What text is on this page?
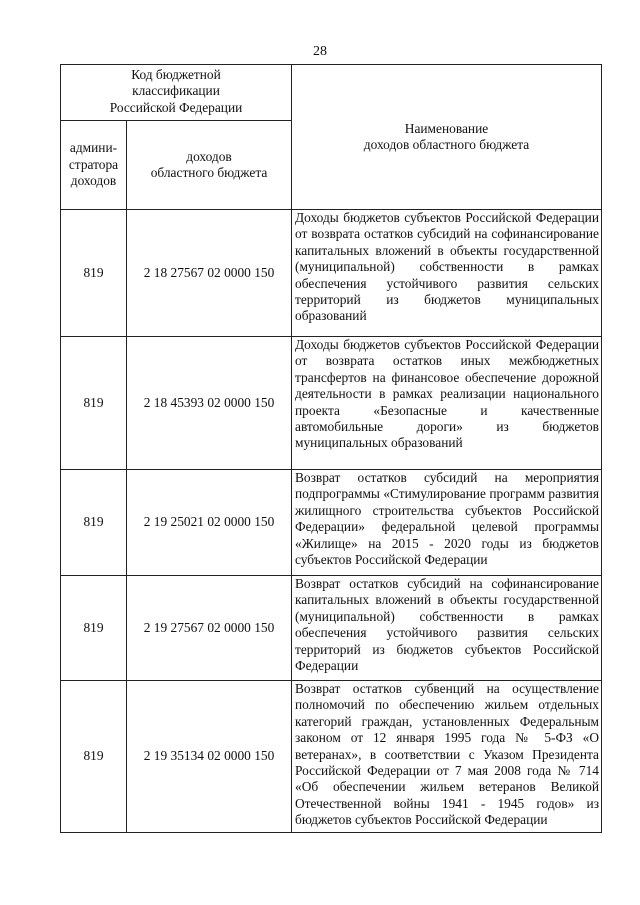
28
Код бюджетной
классификации
Российской Федерации		Наименование
доходов областного бюджета

админи-
стратора
доходов	доходов
областного бюджета	

819	2 18 27567 02 0000 150	Доходы бюджетов субъектов Российской Федерации от возврата остатков субсидий на софинансирование капитальных вложений в объекты государственной (муниципальной) собственности в рамках обеспечения устойчивого развития сельских территорий из бюджетов муниципальных образований

819	2 18 45393 02 0000 150	Доходы бюджетов субъектов Российской Федерации от возврата остатков иных межбюджетных трансфертов на финансовое обеспечение дорожной деятельности в рамках реализации национального проекта «Безопасные и качественные автомобильные дороги» из бюджетов муниципальных образований

819	2 19 25021 02 0000 150	Возврат остатков субсидий на мероприятия подпрограммы «Стимулирование программ развития жилищного строительства субъектов Российской Федерации» федеральной целевой программы «Жилище» на 2015 - 2020 годы из бюджетов субъектов Российской Федерации

819	2 19 27567 02 0000 150	Возврат остатков субсидий на софинансирование капитальных вложений в объекты государственной (муниципальной) собственности в рамках обеспечения устойчивого развития сельских территорий из бюджетов субъектов Российской Федерации

819	2 19 35134 02 0000 150	Возврат остатков субвенций на осуществление полномочий по обеспечению жильем отдельных категорий граждан, установленных Федеральным законом от 12 января 1995 года № 5-ФЗ «О ветеранах», в соответствии с Указом Президента Российской Федерации от 7 мая 2008 года № 714 «Об обеспечении жильем ветеранов Великой Отечественной войны 1941 - 1945 годов» из бюджетов субъектов Российской Федерации
